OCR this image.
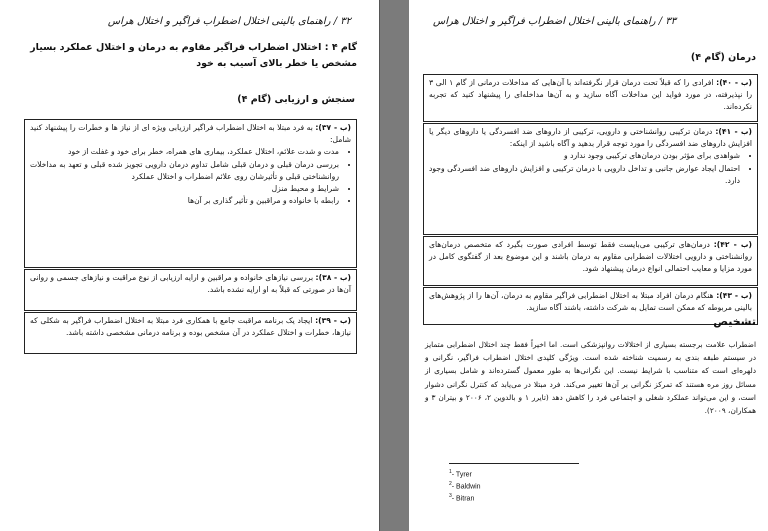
۳۲ / راهنمای بالینی اختلال اضطراب فراگیر و اختلال هراس
گام ۴ : اختلال اضطراب فراگیر مقاوم به درمان و اختلال عملکرد بسیار مشخص یا خطر بالای آسیب به خود
سنجش و ارزیابی (گام ۴)
(ب - ۳۷): به فرد مبتلا به اختلال اضطراب فراگیر ارزیابی ویژه ای از نیاز ها و خطرات را پیشنهاد کنید شامل:
• مدت و شدت علائم، اختلال عملکرد، بیماری های همراه، خطر برای خود و غفلت از خود
• بررسی درمان قبلی و درمان قبلی شامل تداوم درمان دارویی تجویز شده قبلی و تعهد به مداخلات روانشناختی قبلی و تأثیرشان روی علائم اضطراب و اختلال عملکرد
• شرایط و محیط منزل
• رابطه با خانواده و مراقبین و تأثیر گذاری بر آن‌ها
(ب - ۳۸): بررسی نیازهای خانواده و مراقبین و ارایه ارزیابی از نوع مراقبت و نیازهای جسمی و روانی آن‌ها در صورتی که قبلاً به او ارایه نشده باشد.
(ب - ۳۹): ایجاد یک برنامه مراقبت جامع با همکاری فرد مبتلا به اختلال اضطراب فراگیر به شکلی که نیازها، خطرات و اختلال عملکرد در آن مشخص بوده و برنامه درمانی مشخصی داشته باشد.
۳۳ / راهنمای بالینی اختلال اضطراب فراگیر و اختلال هراس
درمان (گام ۴)
(ب - ۴۰): افرادی را که قبلاً تحت درمان قرار نگرفته‌اند با آن‌هایی که مداخلات درمانی از گام ۱ الی ۳ را نپذیرفته، در مورد فواید این مداخلات آگاه سازید و به آن‌ها مداخله‌ای را پیشنهاد کنید که تجربه نکرده‌اند.
(ب - ۴۱): درمان ترکیبی روانشناختی و دارویی، ترکیبی از داروهای ضد افسردگی یا داروهای دیگر یا افزایش داروهای ضد افسردگی را مورد توجه قرار بدهید و آگاه باشید از اینکه:
• شواهدی برای مؤثر بودن درمان‌های ترکیبی وجود ندارد و
• احتمال ایجاد عوارض جانبی و تداخل دارویی با درمان ترکیبی و افزایش داروهای ضد افسردگی وجود دارد.
(ب - ۴۲): درمان‌های ترکیبی می‌بایست فقط توسط افرادی صورت بگیرد که متخصص درمان‌های روانشناختی و دارویی اختلالات اضطرابی مقاوم به درمان باشند و این موضوع بعد از گفتگوی کامل در مورد مزایا و معایب احتمالی انواع درمان پیشنهاد شود.
(ب - ۴۳): هنگام درمان افراد مبتلا به اختلال اضطرابی فراگیر مقاوم به درمان، آن‌ها را از پژوهش‌های بالینی مربوطه که ممکن است تمایل به شرکت داشته، باشند آگاه سازید.
تشخیص
اضطراب علامت برجسته بسیاری از اختلالات روانپزشکی است. اما اخیراً فقط چند اختلال اضطرابی متمایز در سیستم طبقه بندی به رسمیت شناخته شده است. ویژگی کلیدی اختلال اضطراب فراگیر، نگرانی و دلهره‌ای است که متناسب با شرایط نیست. این نگرانی‌ها به طور معمول گسترده‌اند و شامل بسیاری از مسائل روز مره هستند که تمرکز نگرانی بر آن‌ها تغییر می‌کند. فرد مبتلا در می‌یابد که کنترل نگرانی دشوار است، و این می‌تواند عملکرد شغلی و اجتماعی فرد را کاهش دهد (تایرر ۱ و بالدوین ۲، ۲۰۰۶ و بیتران ۳ و همکاران، ۲۰۰۹).
$^1$- Tyrer
$^2$- Baldwin
$^3$- Bitran
